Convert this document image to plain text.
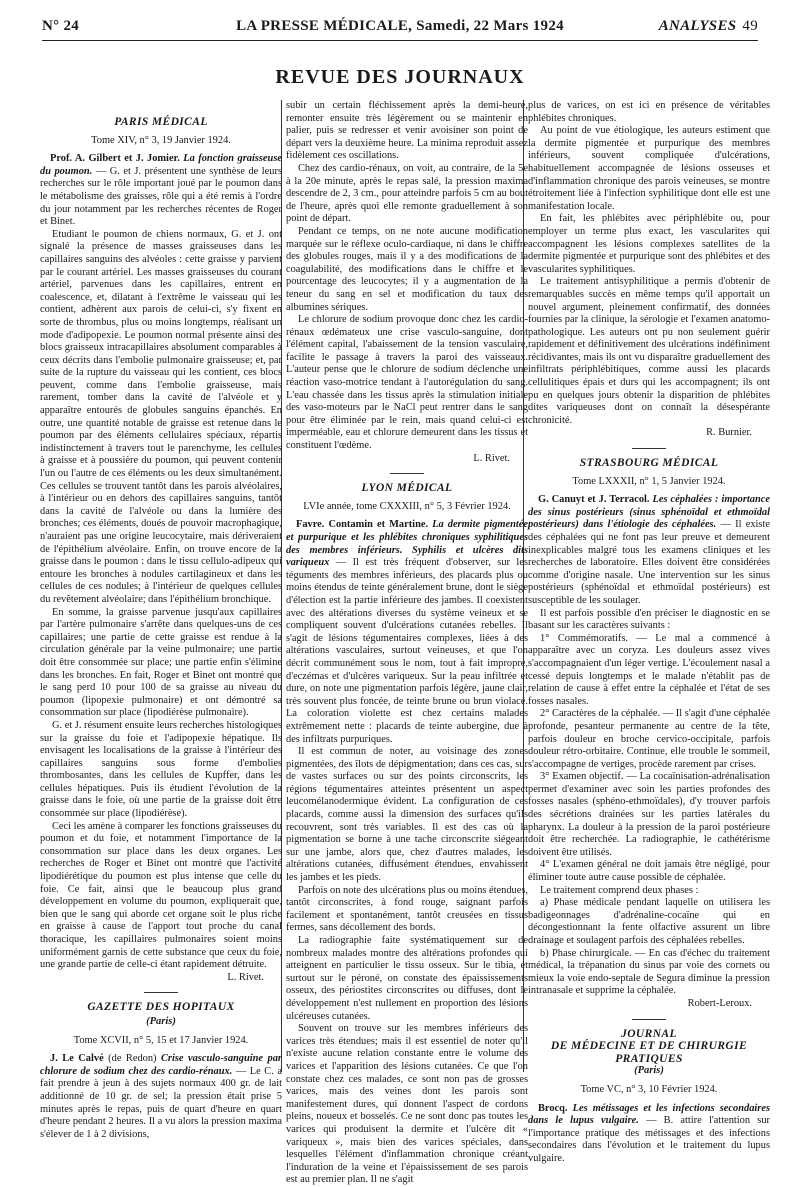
N° 24	LA PRESSE MÉDICALE, Samedi, 22 Mars 1924	ANALYSES 49
REVUE DES JOURNAUX
PARIS MÉDICAL
Tome XIV, n° 3, 19 Janvier 1924.

Prof. A. Gilbert et J. Jomier. La fonction graisseuse du poumon. — G. et J. présentent une synthèse de leurs recherches sur le rôle important joué par le poumon dans le métabolisme des graisses, rôle qui a été remis à l'ordre du jour notamment par les recherches récentes de Roger et Binet.

Etudiant le poumon de chiens normaux, G. et J. ont signalé la présence de masses graisseuses dans les capillaires sanguins des alvéoles : cette graisse y parvient par le courant artériel. Les masses graisseuses du courant artériel, parvenues dans les capillaires, entrent en coalescence, et, dilatant à l'extrême le vaisseau qui les contient, adhèrent aux parois de celui-ci, s'y fixent en sorte de thrombus, plus ou moins longtemps, réalisant un mode d'adipopexie. Le poumon normal présente ainsi des blocs graisseux intracapillaires absolument comparables à ceux décrits dans l'embolie pulmonaire graisseuse; et, par suite de la rupture du vaisseau qui les contient, ces blocs peuvent, comme dans l'embolie graisseuse, mais rarement, tomber dans la cavité de l'alvéole et y apparaître entourés de globules sanguins épanchés. En outre, une quantité notable de graisse est retenue dans le poumon par des éléments cellulaires spéciaux, répartis indistinctement à travers tout le parenchyme, les cellules à graisse et à poussière du poumon, qui peuvent contenir l'un ou l'autre de ces éléments ou les deux simultanément. Ces cellules se trouvent tantôt dans les parois alvéolaires, à l'intérieur ou en dehors des capillaires sanguins, tantôt dans la cavité de l'alvéole ou dans la lumière des bronches; ces éléments, doués de pouvoir macrophagique, n'auraient pas une origine leucocytaire, mais dériveraient de l'épithélium alvéolaire. Enfin, on trouve encore de la graisse dans le poumon : dans le tissu cellulo-adipeux qui entoure les bronches à nodules cartilagineux et dans les cellules de ces nodules; à l'intérieur de quelques cellules du revêtement alvéolaire; dans l'épithélium bronchique.

En somme, la graisse parvenue jusqu'aux capillaires par l'artère pulmonaire s'arrête dans quelques-uns de ces capillaires; une partie de cette graisse est rendue à la circulation générale par la veine pulmonaire; une partie doit être consommée sur place; une partie enfin s'élimine dans les bronches. En fait, Roger et Binet ont montré que le sang perd 10 pour 100 de sa graisse au niveau du poumon (lipopexie pulmonaire) et ont démontré sa consommation sur place (lipodiérèse pulmonaire).

G. et J. résument ensuite leurs recherches histologiques sur la graisse du foie et l'adipopexie hépatique. Ils envisagent les localisations de la graisse à l'intérieur des capillaires sanguins sous forme d'embolies thrombosantes, dans les cellules de Kupffer, dans les cellules hépatiques. Puis ils étudient l'évolution de la graisse dans le foie, où une partie de la graisse doit être consommée sur place (lipodiérèse).

Ceci les amène à comparer les fonctions graisseuses du poumon et du foie, et notamment l'importance de la consommation sur place dans les deux organes. Les recherches de Roger et Binet ont montré que l'activité lipodiérétique du poumon est plus intense que celle du foie. Ce fait, ainsi que le beaucoup plus grand développement en volume du poumon, expliquerait que, bien que le sang qui aborde cet organe soit le plus riche en graisse à cause de l'apport tout proche du canal thoracique, les capillaires pulmonaires soient moins uniformément garnis de cette substance que ceux du foie, une grande partie de celle-ci étant rapidement détruite.

L. Rivet.
GAZETTE DES HOPITAUX
(Paris)
Tome XCVII, n° 5, 15 et 17 Janvier 1924.

J. Le Calvé (de Redon) Crise vasculo-sanguine par chlorure de sodium chez des cardio-rénaux. — Le C. a fait prendre à jeun à des sujets normaux 400 gr. de lait additionné de 10 gr. de sel; la pression était prise 5 minutes après le repas, puis de quart d'heure en quart d'heure pendant 2 heures. Il a vu alors la pression maxima s'élever de 1 à 2 divisions,

subir un certain fléchissement après la demi-heure, remonter ensuite très légèrement ou se maintenir en palier, puis se redresser et venir avoisiner son point de départ vers la deuxième heure. La minima reproduit assez fidèlement ces oscillations.

Chez des cardio-rénaux, on voit, au contraire, de la 5e à la 20e minute, après le repas salé, la pression maxima descendre de 2, 3 cm., pour atteindre parfois 5 cm au bout de l'heure, après quoi elle remonte graduellement à son point de départ.

Pendant ce temps, on ne note aucune modification marquée sur le réflexe oculo-cardiaque, ni dans le chiffre des globules rouges, mais il y a des modifications de la coagulabilité, des modifications dans le chiffre et le pourcentage des leucocytes; il y a augmentation de la teneur du sang en sel et modification du taux des albumines sériques.

Le chlorure de sodium provoque donc chez les cardio-rénaux œdémateux une crise vasculo-sanguine, dont l'élément capital, l'abaissement de la tension vasculaire, facilite le passage à travers la paroi des vaisseaux. L'auteur pense que le chlorure de sodium déclenche une réaction vaso-motrice tendant à l'autorégulation du sang. L'eau chassée dans les tissus après la stimulation initiale des vaso-moteurs par le NaCl peut rentrer dans le sang pour être éliminée par le rein, mais quand celui-ci est imperméable, eau et chlorure demeurent dans les tissus et constituent l'œdème.

L. Rivet.
LYON MÉDICAL
LVIe année, tome CXXXIII, n° 5, 3 Février 1924.

Favre. Contamin et Martine. La dermite pigmentée et purpurique et les phlébites chroniques syphilitiques des membres inférieurs. Syphilis et ulcères dits variqueux — Il est très fréquent d'observer, sur les téguments des membres inférieurs, des placards plus ou moins étendus de teinte généralement brune, dont le siège d'élection est la partie inférieure des jambes. Il coexistent avec des altérations diverses du système veineux et se compliquent souvent d'ulcérations cutanées rebelles. Il s'agit de lésions tégumentaires complexes, liées à des altérations vasculaires, surtout veineuses, et que l'on décrit communément sous le nom, tout à fait impropre, d'eczémas et d'ulcères variqueux. Sur la peau infiltrée et dure, on note une pigmentation parfois légère, jaune clair, très souvent plus foncée, de teinte brune ou brun violacé. La coloration violette est chez certains malades extrêmement nette : placards de teinte aubergine, due à des infiltrats purpuriques.

Il est commun de noter, au voisinage des zones pigmentées, des îlots de dépigmentation; dans ces cas, sur de vastes surfaces ou sur des points circonscrits, les régions tégumentaires atteintes présentent un aspect leucomélanodermique évident. La configuration de ces placards, comme aussi la dimension des surfaces qu'ils recouvrent, sont très variables. Il est des cas où la pigmentation se borne à une tache circonscrite siégeant sur une jambe, alors que, chez d'autres malades, les altérations cutanées, diffusément étendues, envahissent les jambes et les pieds.

Parfois on note des ulcérations plus ou moins étendues, tantôt circonscrites, à fond rouge, saignant parfois facilement et spontanément, tantôt creusées en tissus fermes, sans décollement des bords.

La radiographie faite systématiquement sur de nombreux malades montre des altérations profondes qui atteignent en particulier le tissu osseux. Sur le tibia, et surtout sur le péroné, on constate des épaississements osseux, des périostites circonscrites ou diffuses, dont le développement n'est nullement en proportion des lésions ulcéreuses cutanées.

Souvent on trouve sur les membres inférieurs des varices très étendues; mais il est essentiel de noter qu'il n'existe aucune relation constante entre le volume des varices et l'apparition des lésions cutanées. Ce que l'on constate chez ces malades, ce sont non pas de grosses varices, mais des veines dont les parois sont manifestement dures, qui donnent l'aspect de cordons pleins, noueux et bosselés. Ce ne sont donc pas toutes les varices qui produisent la dermite et l'ulcère dit « variqueux », mais bien des varices spéciales, dans lesquelles l'élément d'inflammation chronique créant l'induration de la veine et l'épaississement de ses parois est au premier plan. Il ne s'agit

plus de varices, on est ici en présence de véritables phlébites chroniques.

Au point de vue étiologique, les auteurs estiment que la dermite pigmentée et purpurique des membres inférieurs, souvent compliquée d'ulcérations, habituellement accompagnée de lésions osseuses et d'inflammation chronique des parois veineuses, se montre étroitement liée à l'infection syphilitique dont elle est une manifestation locale.

En fait, les phlébites avec périphlébite ou, pour employer un terme plus exact, les vascularites qui accompagnent les lésions complexes satellites de la dermite pigmentée et purpurique sont des phlébites et des vascularites syphilitiques.

Le traitement antisyphilitique a permis d'obtenir de remarquables succès en même temps qu'il apportait un nouvel argument, pleinement confirmatif, des données fournies par la clinique, la sérologie et l'examen anatomo-pathologique. Les auteurs ont pu non seulement guérir rapidement et définitivement des ulcérations indéfiniment récidivantes, mais ils ont vu disparaître graduellement des infiltrats périphlébitiques, comme aussi les placards cellulitiques épais et durs qui les accompagnent; ils ont pu en quelques jours obtenir la disparition de phlébites dites variqueuses dont on connaît la désespérante chronicité.

R. Burnier.
STRASBOURG MÉDICAL
Tome LXXXII, n° 1, 5 Janvier 1924.

G. Canuyt et J. Terracol. Les céphalées : importance des sinus postérieurs (sinus sphénoïdal et ethmoïdal postérieurs) dans l'étiologie des céphalées. — Il existe des céphalées qui ne font pas leur preuve et demeurent inexplicables malgré tous les examens cliniques et les recherches de laboratoire. Elles doivent être considérées comme d'origine nasale. Une intervention sur les sinus postérieurs (sphénoïdal et ethmoïdal postérieurs) est susceptible de les soulager.

Il est parfois possible d'en préciser le diagnostic en se basant sur les caractères suivants :

1° Commémoratifs. — Le mal a commencé à apparaître avec un coryza. Les douleurs assez vives s'accompagnaient d'un léger vertige. L'écoulement nasal a cessé depuis longtemps et le malade n'établit pas de relation de cause à effet entre la céphalée et l'état de ses fosses nasales.

2° Caractères de la céphalée. — Il s'agit d'une céphalée profonde, pesanteur permanente au centre de la tête, parfois douleur en broche cervico-occipitale, parfois douleur rétro-orbitaire. Continue, elle trouble le sommeil, s'accompagne de vertiges, procède rarement par crises.

3° Examen objectif. — La cocaïnisation-adrénalisation permet d'examiner avec soin les parties profondes des fosses nasales (sphéno-ethmoïdales), d'y trouver parfois des sécrétions drainées sur les parties latérales du pharynx. La douleur à la pression de la paroi postérieure doit être recherchée. La radiographie, le cathétérisme doivent être utilisés.

4° L'examen général ne doit jamais être négligé, pour éliminer toute autre cause possible de céphalée.

Le traitement comprend deux phases :

a) Phase médicale pendant laquelle on utilisera les badigeonnages d'adrénaline-cocaïne qui en décongestionnant la fente olfactive assurent un libre drainage et soulagent parfois des céphalées rebelles.

b) Phase chirurgicale. — En cas d'échec du traitement médical, la trépanation du sinus par voie des cornets ou mieux la voie endo-septale de Segura diminue la pression intranasale et supprime la céphalée.

Robert-Leroux.
JOURNAL
DE MÉDECINE ET DE CHIRURGIE
PRATIQUES
(Paris)
Tome VC, n° 3, 10 Février 1924.

Brocq. Les métissages et les infections secondaires dans le lupus vulgaire. — B. attire l'attention sur l'importance pratique des métissages et des infections secondaires dans l'évolution et le traitement du lupus vulgaire.
